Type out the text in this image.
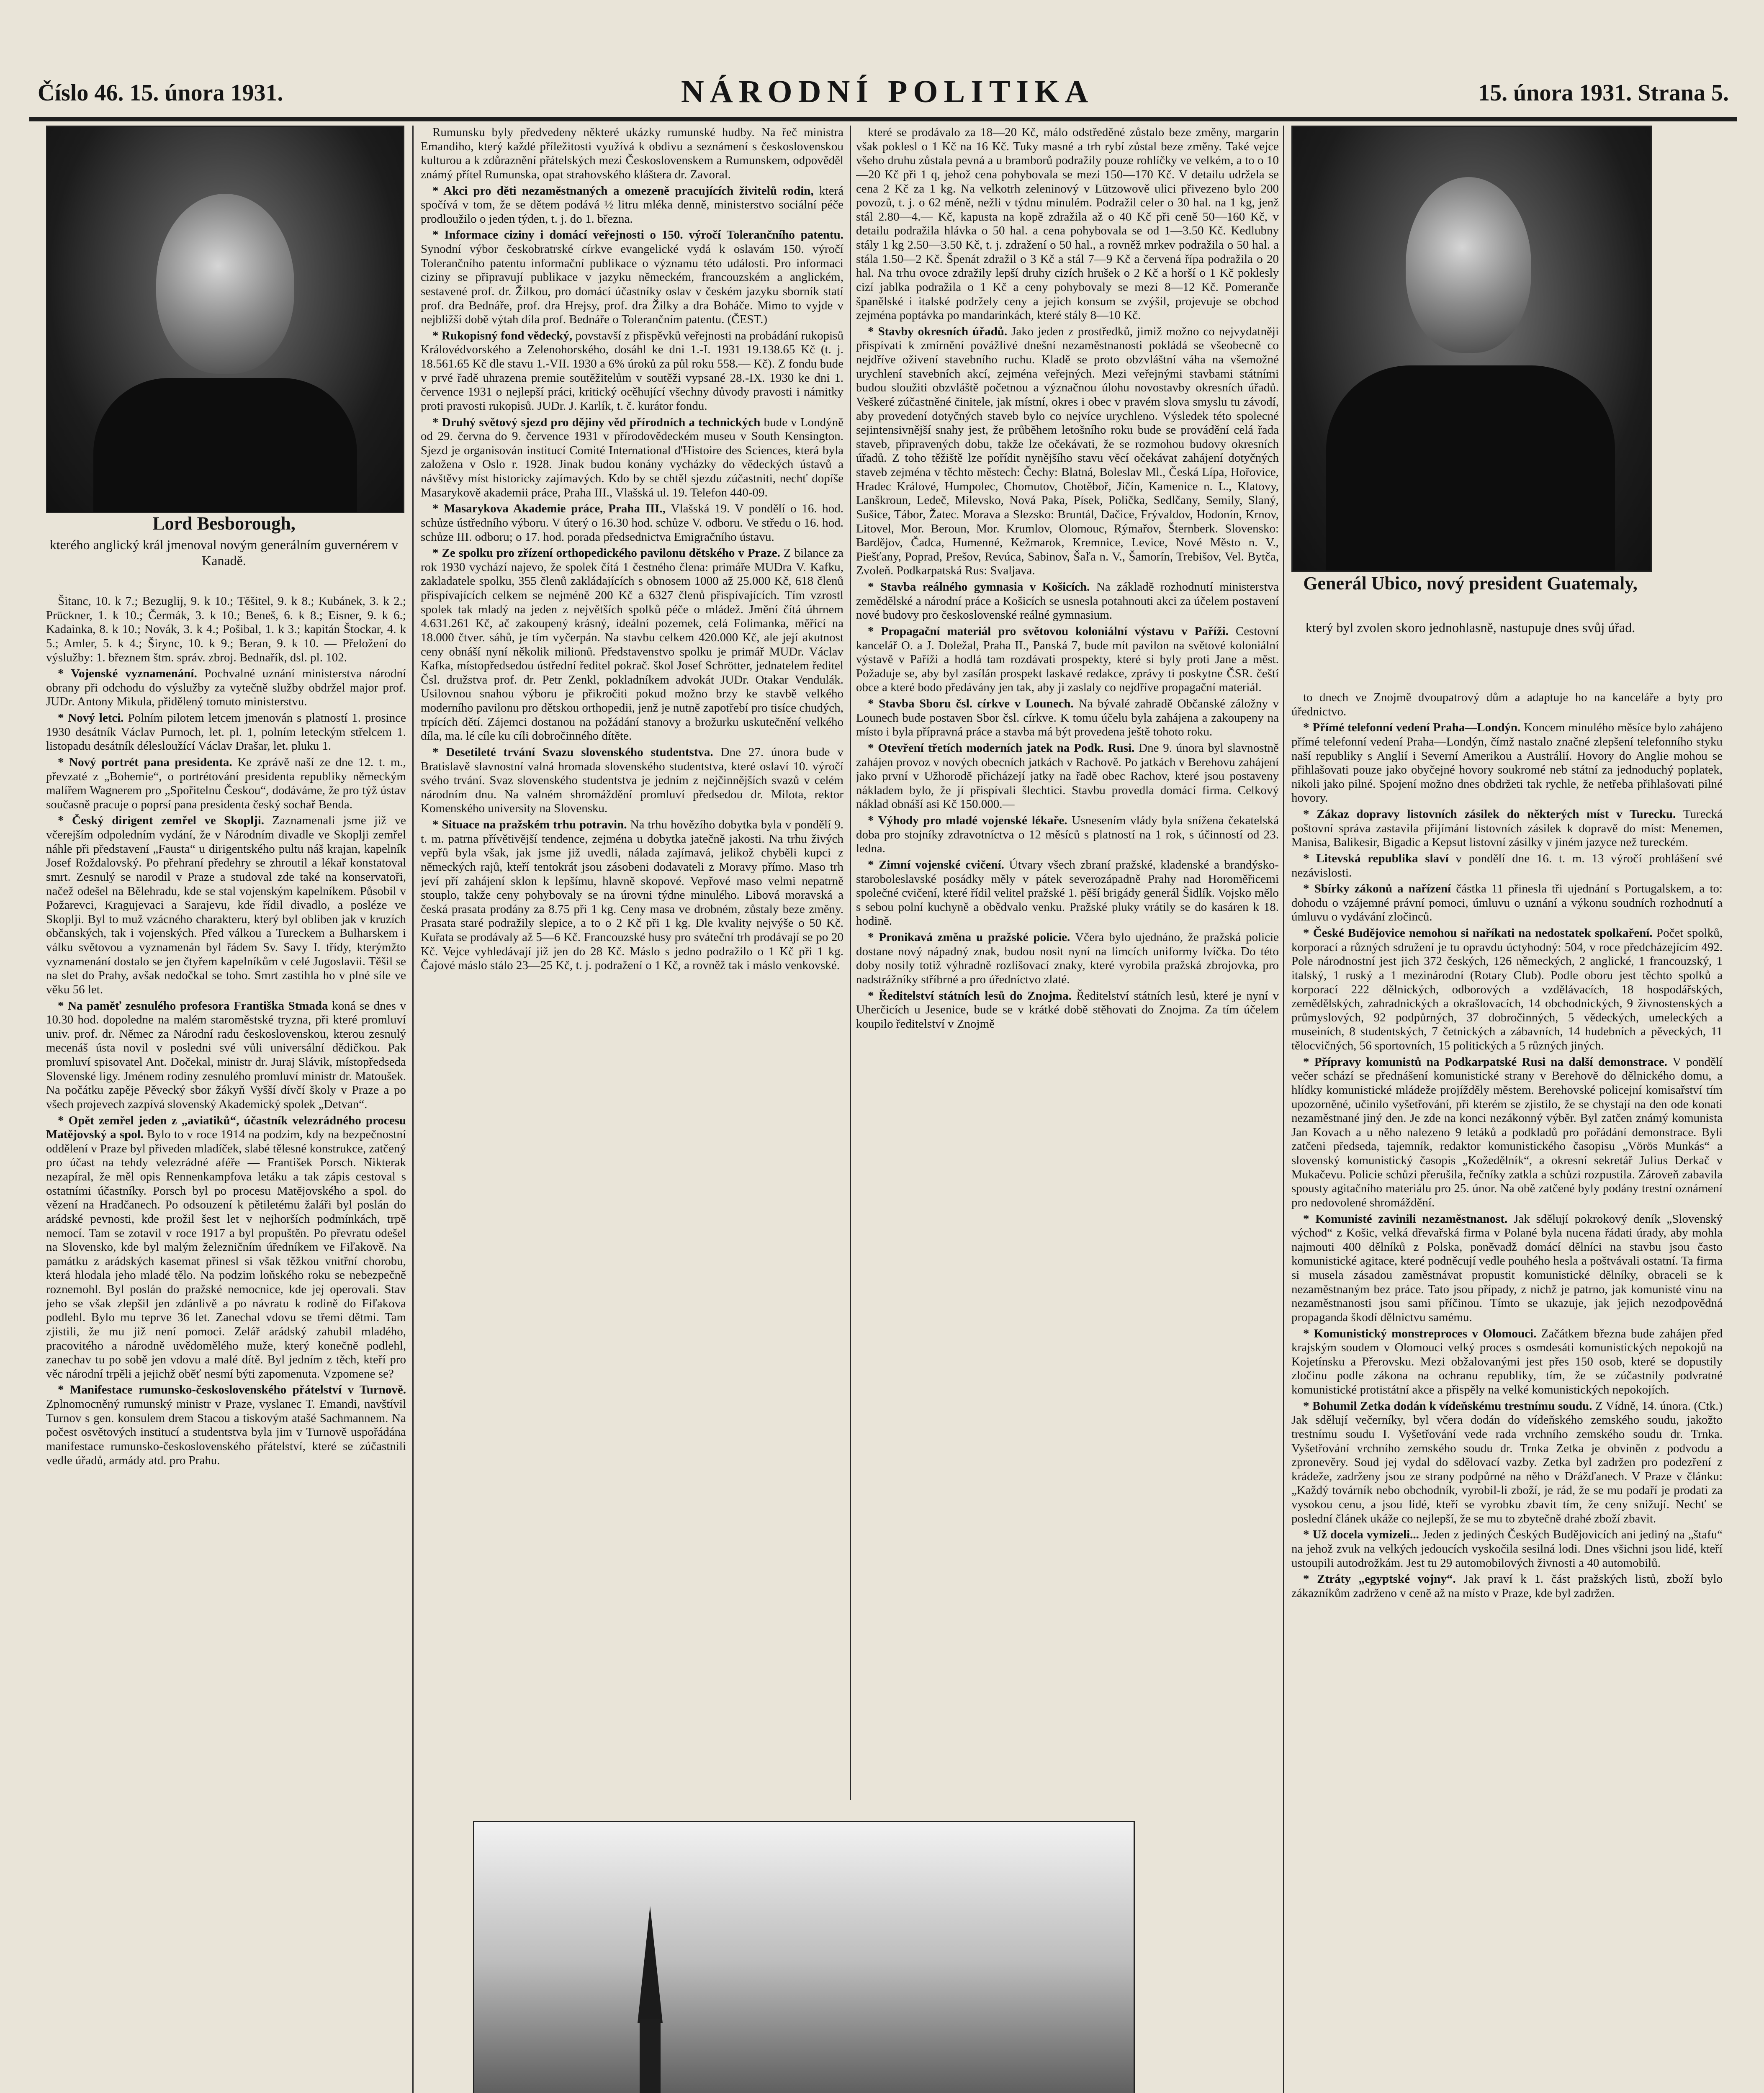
Číslo 46. 15. února 1931.	NÁRODNÍ POLITIKA	15. února 1931. Strana 5.
Lord Besborough,
kterého anglický král jmenoval novým generálním guvernérem v Kanadě.
Generál Ubico, nový president Guatemaly,
který byl zvolen skoro jednohlasně, nastupuje dnes svůj úřad.

Šitanc, 10. k 7.; Bezuglij, 9. k 10.; Těšitel, 9. k 8.; Kubánek, 3. k 2.; Prückner, 1. k 10.; Čermák, 3. k 10.; Beneš, 6. k 8.; Eisner, 9. k 6.; Kadainka, 8. k 10.; Novák, 3. k 4.; Pošibal, 1. k 3.; kapitán Štockar, 4. k 5.; Amler, 5. k 4.; Širync, 10. k 9.; Beran, 9. k 10. — Přeložení do výslužby: 1. březnem štm. správ. zbroj. Bednařík, dsl. pl. 102.

* Vojenské vyznamenání. Pochvalné uznání ministerstva národní obrany při odchodu do výslužby za vytečně služby obdržel major prof. JUDr. Antony Mikula, přidělený tomuto ministerstvu.

* Nový letci. Polním pilotem letcem jmenován s platností 1. prosince 1930 desátník Václav Purnoch, let. pl. 1, polním leteckým střelcem 1. listopadu desátník délesloužící Václav Drašar, let. pluku 1.

* Nový portrét pana presidenta. Ke zprávě naší ze dne 12. t. m., převzaté z „Bohemie“, o portrétování presidenta republiky německým malířem Wagnerem pro „Spořitelnu Českou“, dodáváme, že pro týž ústav současně pracuje o poprsí pana presidenta český sochař Bendа.

* Český dirigent zemřel ve Skoplji. Zaznamenali jsme již ve včerejším odpoledním vydání, že v Národním divadle ve Skoplji zemřel náhle při představení „Fausta“ u dirigentského pultu náš krajan, kapelník Josef Roždalovský. Po přehraní předehry se zhroutil a lékař konstatoval smrt. Zesnulý se narodil v Praze a studoval zde také na konservatoři, načež odešel na Bělehradu, kde se stal vojenským kapelníkem. Působil v Požarevci, Kragujevaci a Sarajevu, kde řídil divadlo, a posléze ve Skoplji. Byl to muž vzácného charakteru, který byl obliben jak v kruzích občanských, tak i vojenských. Před válkou a Tureckem a Bulharskem i válku světovou a vyznamenán byl řádem Sv. Savy I. třídy, kterýmžto vyznamenání dostalo se jen čtyřem kapelníkům v celé Jugoslavii. Těšil se na slet do Prahy, avšak nedočkal se toho. Smrt zastihla ho v plné síle ve věku 56 let.

* Na paměť zesnulého profesora Františka Stmada koná se dnes v 10.30 hod. dopoledne na malém staroměstské tryzna, při které promluví univ. prof. dr. Němec za Národní radu československou, kterou zesnulý mecenáš ústa novil v posledni své vůli universální dědičkou. Pak promluví spisovatel Ant. Dočekal, ministr dr. Juraj Slávik, místopředseda Slovenské ligy. Jménem rodiny zesnulého promluví ministr dr. Matoušek. Na počátku zapěje Pěvecký sbor žákyň Vyšší dívčí školy v Praze a po všech projevech zazpívá slovenský Akademický spolek „Detvan“.

* Opět zemřel jeden z „aviatiků“, účastník velezrádného procesu Matějovský a spol. Bylo to v roce 1914 na podzim, kdy na bezpečnostní oddělení v Praze byl přiveden mladíček, slabé tělesné konstrukce, zatčený pro účast na tehdy velezrádné aféře — František Porsch. Nikterak nezapíral, že měl opis Rennenkampfova letáku a tak zápis cestoval s ostatními účastníky. Porsch byl po procesu Matějovského a spol. do vězení na Hradčanech. Po odsouzení k pětiletému žaláři byl poslán do arádské pevnosti, kde prožil šest let v nejhorších podmínkách, trpě nemocí. Tam se zotavil v roce 1917 a byl propuštěn. Po převratu odešel na Slovensko, kde byl malým železničním úředníkem ve Fiľakově. Na památku z arádských kasemat přinesl si však těžkou vnitřní chorobu, která hlodala jeho mladé tělo. Na podzim loňského roku se nebezpečně roznemohl. Byl poslán do pražské nemocnice, kde jej operovali. Stav jeho se však zlepšil jen zdánlivě a po návratu k rodině do Fiľakova podlehl. Bylo mu teprve 36 let. Zanechal vdovu se třemi dětmi. Tam zjistili, že mu již není pomoci. Zelář arádský zahubil mladého, pracovitého a národně uvědomělého muže, který konečně podlehl, zanechav tu po sobě jen vdovu a malé dítě. Byl jedním z těch, kteří pro věc národní trpěli a jejichž oběť nesmí býti zapomenuta. Vzpomene se?

* Manifestace rumunsko-československého přátelství v Turnově. Zplnomocněný rumunský ministr v Praze, vyslanec T. Emandi, navštívil Turnov s gen. konsulem drem Stacou a tiskovým atašé Sachmannem. Na počest osvětových institucí a studentstva byla jim v Turnově uspořádána manifestace rumunsko-československého přátelství, které se zúčastnili vedle úřadů, armády atd. pro Prahu.

Rumunsku byly předvedeny některé ukázky rumunské hudby. Na řeč ministra Emandiho, který každé příležitosti využívá k obdivu a seznámení s československou kulturou a k zdůraznění přátelských mezi Československem a Rumunskem, odpověděl známý přítel Rumunska, opat strahovského kláštera dr. Zavoral.

* Akci pro děti nezaměstnaných a omezeně pracujících živitelů rodin, která spočívá v tom, že se dětem podává ½ litru mléka denně, ministerstvo sociální péče prodloužilo o jeden týden, t. j. do 1. března.

* Informace ciziny i domácí veřejnosti o 150. výročí Tolerančního patentu. Synodní výbor českobratrské církve evangelické vydá k oslavám 150. výročí Tolerančního patentu informační publikace o významu této události. Pro informaci ciziny se připravují publikace v jazyku německém, francouzském a anglickém, sestavené prof. dr. Žilkou, pro domácí účastníky oslav v českém jazyku sborník statí prof. dra Bednáře, prof. dra Hrejsy, prof. dra Žilky a dra Boháče. Mimo to vyjde v nejbližší době výtah díla prof. Bednáře o Tolerančním patentu. (ČEST.)

* Rukopisný fond vědecký, povstavší z přispěvků veřejnosti na probádání rukopisů Královédvorského a Zelenohorského, dosáhl ke dni 1.-I. 1931 19.138.65 Kč (t. j. 18.561.65 Kč dle stavu 1.-VII. 1930 a 6% úroků za půl roku 558.— Kč). Z fondu bude v prvé řadě uhrazena premie soutěžitelům v soutěži vypsané 28.-IX. 1930 ke dni 1. července 1931 o nejlepší práci, kritický ocěhující všechny důvody pravosti i námitky proti pravosti rukopisů. JUDr. J. Karlík, t. č. kurátor fondu.

* Druhý světový sjezd pro dějiny věd přírodních a technických bude v Londýně od 29. června do 9. července 1931 v přírodovědeckém museu v South Kensington. Sjezd je organisován institucí Comité International d'Histoire des Sciences, která byla založena v Oslo r. 1928. Jinak budou konány vycházky do vědeckých ústavů a návštěvy míst historicky zajímavých. Kdo by se chtěl sjezdu zúčastniti, nechť dopíše Masarykově akademii práce, Praha III., Vlašská ul. 19. Telefon 440-09.

* Masarykova Akademie práce, Praha III., Vlašská 19. V pondělí o 16. hod. schůze ústředního výboru. V úterý o 16.30 hod. schůze V. odboru. Ve středu o 16. hod. schůze III. odboru; o 17. hod. porada předsednictva Emigračního ústavu.

* Ze spolku pro zřízení orthopedického pavilonu dětského v Praze. Z bilance za rok 1930 vychází najevo, že spolek čítá 1 čestného člena: primáře MUDra V. Kafku, zakladatele spolku, 355 členů zakládajících s obnosem 1000 až 25.000 Kč, 618 členů přispívajících celkem se nejméně 200 Kč a 6327 členů přispívajících. Tím vzrostl spolek tak mladý na jeden z největších spolků péče o mládež. Jmění čítá úhrnem 4.631.261 Kč, ač zakoupený krásný, ideální pozemek, celá Folimanka, měřící na 18.000 čtver. sáhů, je tím vyčerpán. Na stavbu celkem 420.000 Kč, ale její akutnost ceny obnáší nyní několik milionů. Představenstvo spolku je primář MUDr. Václav Kafka, místopředsedou ústřední ředitel pokrač. škol Josef Schrötter, jednatelem ředitel Čsl. družstva prof. dr. Petr Zenkl, pokladníkem advokát JUDr. Otakar Vendulák. Usilovnou snahou výboru je přikročiti pokud možno brzy ke stavbě velkého moderního pavilonu pro dětskou orthopedii, jenž je nutně zapotřebí pro tisíce chudých, trpících dětí. Zájemci dostanou na požádání stanovy a brožurku uskutečnění velkého díla, ma. lé cíle ku cíli dobročinného dítěte.

* Desetileté trvání Svazu slovenského studentstva. Dne 27. února bude v Bratislavě slavnostní valná hromada slovenského studentstva, které oslaví 10. výročí svého trvání. Svaz slovenského studentstva je jedním z nejčinnějších svazů v celém národním dnu. Na valném shromáždění promluví předsedou dr. Milota, rektor Komenského university na Slovensku.

* Situace na pražském trhu potravin. Na trhu hovězího dobytka byla v pondělí 9. t. m. patrna přívětivější tendence, zejména u dobytka jatečně jakosti. Na trhu živých vepřů byla však, jak jsme již uvedli, nálada zajímavá, jelikož chyběli kupci z německých rajů, kteří tentokrát jsou zásobeni dodavateli z Moravy přímo. Maso trh jeví pří zahájení sklon k lepšímu, hlavně skopové. Vepřové maso velmi nepatrně stouplo, takže ceny pohybovaly se na úrovni týdne minulého. Libová moravská a česká prasata prodány za 8.75 při 1 kg. Cenу masa ve drobném, zůstaly beze změny. Prasata staré podražily slepice, a to o 2 Kč při 1 kg. Dle kvality nejvýše o 50 Kč. Kuřata se prodávaly až 5—6 Kč. Francouzské husy pro sváteční trh prodávají se po 20 Kč. Vejce vyhledávají již jen do 28 Kč. Máslo s jedno podražilo o 1 Kč při 1 kg. Čajové máslo stálo 23—25 Kč, t. j. podražení o 1 Kč, a rovněž tak i máslo venkovské.

které se prodávalo za 18—20 Kč, málo odstředěné zůstalo beze změny, margarin však poklesl o 1 Kč na 16 Kč. Tuky masné a trh rybí zůstal beze změny. Také vejce všeho druhu zůstala pevná a u bramborů podražily pouze rohlíčky ve velkém, a to o 10—20 Kč při 1 q, jehož cena pohybovala se mezi 150—170 Kč. V detailu udržela se cena 2 Kč za 1 kg. Na velkotrh zeleninový v Lützowově ulici přivezeno bylo 200 povozů, t. j. o 62 méně, nežli v týdnu minulém. Podražil celer o 30 hal. na 1 kg, jenž stál 2.80—4.— Kč, kapusta na kopě zdražila až o 40 Kč při ceně 50—160 Kč, v detailu podražila hlávka o 50 hal. a cena pohybovala se od 1—3.50 Kč. Kedlubny stály 1 kg 2.50—3.50 Kč, t. j. zdražení o 50 hal., a rovněž mrkev podražila o 50 hal. a stála 1.50—2 Kč. Špenát zdražil o 3 Kč a stál 7—9 Kč a červená řípa podražila o 20 hal. Na trhu ovoce zdražily lepší druhy cizích hrušek o 2 Kč a horší o 1 Kč poklesly cizí jablka podražila o 1 Kč a ceny pohybovaly se mezi 8—12 Kč. Pomeranče španělské i italské podržely ceny a jejich konsum se zvýšil, projevuje se obchod zejména poptávka po mandarinkách, které stály 8—10 Kč.

* Stavby okresních úřadů. Jako jeden z prostředků, jimiž možno co nejvydatněji přispívati k zmírnění povážlivé dnešní nezaměstnanosti pokládá se všeobecně co nejdříve oživení stavebního ruchu. Kladě se proto obzvláštní váha na všemožné urychlení stavebních akcí, zejména veřejných. Mezi veřejnými stavbami státními budou sloužiti obzvláště početnou a význačnou úlohu novostavby okresních úřadů. Veškeré zúčastněné činitele, jak místní, okres i obec v pravém slova smyslu tu závodí, aby provedení dotyčných staveb bylo co nejvíce urychleno. Výsledek této spolecné sejintensivnější snahy jest, že průběhem letošního roku bude se provádění celá řada staveb, připravených dobu, takže lze očekávati, že se rozmohou budovy okresních úřadů. Z toho těžiště lze pořídit nynějšího stavu věcí očekávat zahájení dotyčných staveb zejména v těchto městech: Čechy: Blatná, Boleslav Ml., Česká Lípa, Hořovice, Hradec Králové, Humpolec, Chomutov, Chotěboř, Jičín, Kamenice n. L., Klatovy, Lanškroun, Ledeč, Milevsko, Nová Paka, Písek, Polička, Sedlčany, Semily, Slaný, Sušice, Tábor, Žatec. Morava a Slezsko: Bruntál, Dačice, Frývaldov, Hodonín, Krnov, Litovel, Mor. Beroun, Mor. Krumlov, Olomouc, Rýmařov, Šternberk. Slovensko: Bardějov, Čadca, Humenné, Kežmarok, Kremnice, Levice, Nové Město n. V., Piešťany, Poprad, Prešov, Revúca, Sabinov, Šaľa n. V., Šamorín, Trebišov, Vel. Bytča, Zvoleň. Podkarpatská Rus: Svaljava.

* Stavba reálného gymnasia v Košicích. Na základě rozhodnutí ministerstva zemědělské a národní práce a Košicích se usnesla potahnouti akci za účelem postavení nové budovy pro československé reálné gymnasium.

* Propagační materiál pro světovou koloniální výstavu v Paříži. Cestovní kancelář O. a J. Doležal, Praha II., Panská 7, bude mít pavilon na světové koloniální výstavě v Paříži a hodlá tam rozdávati prospekty, které si byly proti Jane a měst. Požaduje se, aby byl zasílán prospekt laskavé redakce, zprávy ti poskytne ČSR. čeští obce a které bodo předávány jen tak, aby ji zaslaly co nejdříve propagační materiál.

* Stavba Sboru čsl. církve v Lounech. Na bývalé zahradě Občanské záložny v Lounech bude postaven Sbor čsl. církve. K tomu účelu byla zahájena a zakoupeny na místo i byla přípravná práce a stavba má být provedena ještě tohoto roku.

* Otevření třetích moderních jatek na Podk. Rusi. Dne 9. února byl slavnostně zahájen provoz v nových obecních jatkách v Rachově. Po jatkách v Berehovu zahájení jako první v Užhorodě přicházejí jatky na řadě obec Rachov, které jsou postaveny nákladem bylo, že jí přispívali šlechtici. Stavbu provedla domácí firma. Celkový náklad obnáší asi Kč 150.000.—

* Výhody pro mladé vojenské lékaře. Usnesením vlády byla snížena čekatelská doba pro stojníky zdravotníctva o 12 měsíců s platností na 1 rok, s účinností od 23. ledna.

* Zimní vojenské cvičení. Útvary všech zbraní pražské, kladenské a brandýsko-staroboleslavské posádky měly v pátek severozápadně Prahy nad Horoměřicemi společné cvičení, které řídil velitel pražské 1. pěší brigády generál Šidlík. Vojsko mělo s sebou polní kuchyně a obědvalo venku. Pražské pluky vrátily se do kasáren k 18. hodině.

* Pronikavá změna u pražské policie. Včera bylo ujednáno, že pražská policie dostane nový nápadný znak, budou nosit nyní na limcích uniformy lvíčka. Do této doby nosily totiž výhradně rozlišovací znaky, které vyrobila pražská zbrojovka, pro nadstrážníky stříbrné a pro úředníctvo zlaté.

* Ředitelství státních lesů do Znojma. Ředitelství státních lesů, které je nyní v Uherčicích u Jesenice, bude se v krátké době stěhovati do Znojma. Za tím účelem koupilo ředitelství v Znojmě

to dnech ve Znojmě dvoupatrový dům a adaptuje ho na kanceláře a byty pro úřednictvo.

* Přímé telefonní vedení Praha—Londýn. Koncem minulého měsíce bylo zahájeno přímé telefonní vedení Praha—Londýn, čímž nastalo značné zlepšení telefonního styku naší republiky s Anglií i Severní Amerikou a Austrálií. Hovory do Anglie mohou se přihlašovati pouze jako obyčejné hovory soukromé neb státní za jednoduchý poplatek, nikoli jako pilné. Spojení možno dnes obdržeti tak rychle, že netřeba přihlašovati pilné hovory.

* Zákaz dopravy listovních zásilek do některých míst v Turecku. Turecká poštovní správa zastavila přijímání listovních zásilek k dopravě do míst: Menemen, Manisa, Balikesir, Bigadic a Kepsut listovní zásilky v jiném jazyce než tureckém.

* Litevská republika slaví v pondělí dne 16. t. m. 13 výročí prohlášení své nezávislosti.

* Sbírky zákonů a nařízení částka 11 přinesla tři ujednání s Portugalskem, a to: dohodu o vzájemné právní pomoci, úmluvu o uznání a výkonu soudních rozhodnutí a úmluvu o vydávání zločinců.

* České Budějovice nemohou si naříkati na nedostatek spolkaření. Počet spolků, korporací a různých sdružení je tu opravdu úctyhodný: 504, v roce předcházejícím 492. Pole národnostní jest jich 372 českých, 126 německých, 2 anglické, 1 francouzský, 1 italský, 1 ruský a 1 mezinárodní (Rotary Club). Podle oboru jest těchto spolků a korporací 222 dělnických, odborových a vzdělávacích, 18 hospodářských, zemědělských, zahradnických a okrašlovacích, 14 obchodnických, 9 živnostenských a průmyslových, 92 podpůrných, 37 dobročinných, 5 vědeckých, umeleckých a museiních, 8 studentských, 7 četnických a zábavních, 14 hudebních a pěveckých, 11 tělocvičných, 56 sportovních, 15 politických a 5 různých jiných.

* Přípravy komunistů na Podkarpatské Rusi na další demonstrace. V pondělí večer schází se přednášení komunistické strany v Berehově do dělnického domu, a hlídky komunistické mládeže projížděly městem. Berehovské policejní komisařství tím upozorněné, učinilo vyšetřování, při kterém se zjistilo, že se chystají na den ode konati nezaměstnané jiný den. Je zde na konci nezákonný výběr. Byl zatčen známý komunista Jan Kovach a u něho nalezeno 9 letáků a podkladů pro pořádání demonstrace. Byli zatčeni předseda, tajemník, redaktor komunistického časopisu „Vörös Munkás“ a slovenský komunistický časopis „Kožedělník“, a okresní sekretář Julius Derkač v Mukačevu. Policie schůzi přerušila, řečníky zatkla a schůzi rozpustila. Zároveň zabavila spousty agitačního materiálu pro 25. únor. Na obě zatčené byly podány trestní oznámení pro nedovolené shromáždění.

* Komunisté zavinili nezaměstnanost. Jak sdělují pokrokový deník „Slovenský východ“ z Košic, velká dřevařská firma v Polané byla nucena řádati úrady, aby mohla najmouti 400 dělníků z Polska, poněvadž domácí dělníci na stavbu jsou často komunistické agitace, které podněcují vedle pouhého hesla a poštvávali ostatní. Ta firma si musela zásadou zaměstnávat propustit komunistické dělníky, obraceli se k nezaměstnaným bez práce. Tato jsou případy, z nichž je patrno, jak komunisté vinu na nezaměstnanosti jsou sami příčinou. Tímto se ukazuje, jak jejich nezodpovědná propaganda škodí dělnictvu samému.

* Komunistický monstreproces v Olomouci. Začátkem března bude zahájen před krajským soudem v Olomouci velký proces s osmdesáti komunistických nepokojů na Kojetínsku a Přerovsku. Mezi obžalovanými jest přes 150 osob, které se dopustily zločinu podle zákona na ochranu republiky, tím, že se zúčastnily podvratné komunistické protistátní akce a přispěly na velké komunistických nepokojích.

* Bohumil Zetka dodán k vídeňskému trestnímu soudu. Z Vídně, 14. února. (Ctk.) Jak sdělují večerníky, byl včera dodán do vídeňského zemského soudu, jakožto trestnímu soudu I. Vyšetřování vede rada vrchního zemského soudu dr. Trnka. Vyšetřování vrchního zemského soudu dr. Trnka Zetka je obviněn z podvodu a zpronevěry. Soud jej vydal do sdělovací vazby. Zetka byl zadržen pro podezření z krádeže, zadrženy jsou ze strany podpůrné na něho v Drážďanech. V Praze v článku: „Každý továrník nebo obchodník, vyrobil-li zboží, je rád, že se mu podaří je prodati za vysokou cenu, a jsou lidé, kteří se vyrobku zbavit tím, že ceny snižují. Nechť se poslední článek ukáže co nejlepší, že se mu to zbytečně drahé zboží zbavit.

* Už docela vymizeli... Jeden z jediných Českých Budějovicích ani jediný na „štafu“ na jehož zvuk na velkých jedoucích vyskočila sesilná lodi. Dnes všichni jsou lidé, kteří ustoupili autodrožkám. Jest tu 29 automobilových živnosti a 40 automobilů.

* Ztráty „egyptské vojny“. Jak praví k 1. část pražských listů, zboží bylo zákazníkům zadrženo v ceně až na místo v Praze, kde byl zadržen.
